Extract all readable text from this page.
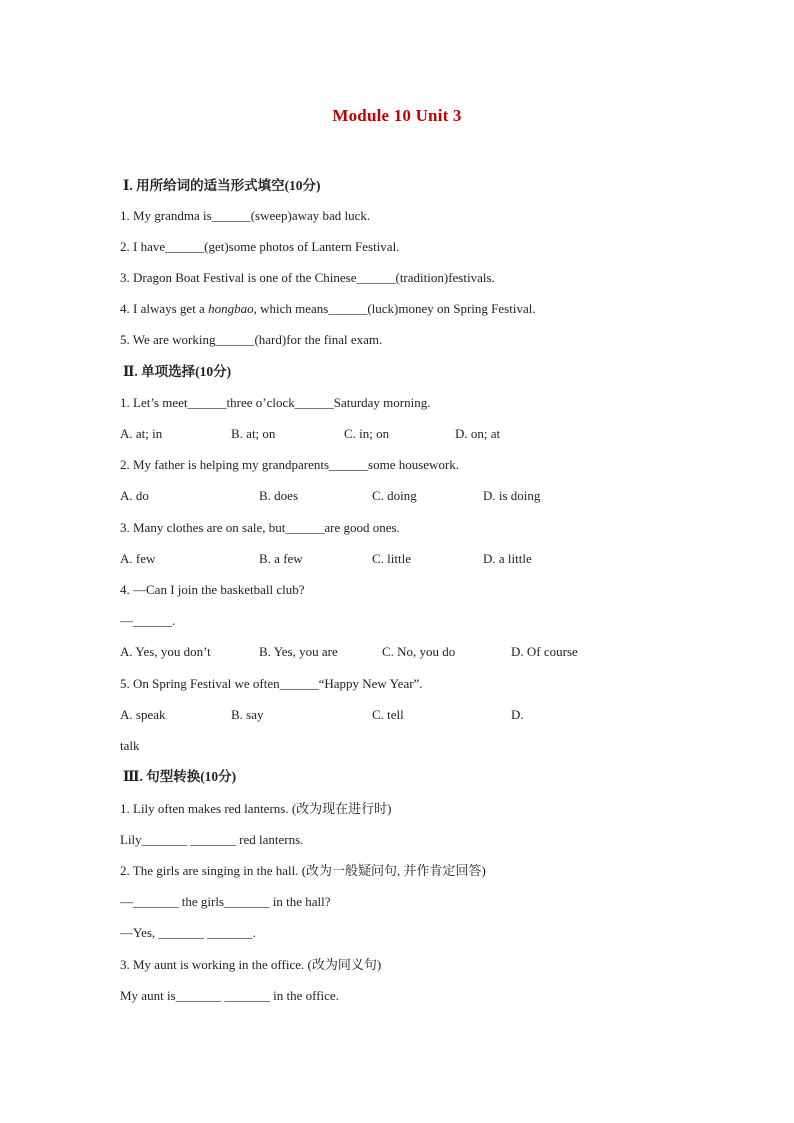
Module 10 Unit 3
Ⅰ. 用所给词的适当形式填空(10分)
1. My grandma is______(sweep)away bad luck.
2. I have______(get)some photos of Lantern Festival.
3. Dragon Boat Festival is one of the Chinese______(tradition)festivals.
4. I always get a hongbao, which means______(luck)money on Spring Festival.
5. We are working______(hard)for the final exam.
Ⅱ. 单项选择(10分)
1. Let’s meet______three o’clock______Saturday morning.
A. at; in	B. at; on	C. in; on	D. on; at
2. My father is helping my grandparents______some housework.
A. do	B. does	C. doing	D. is doing
3. Many clothes are on sale, but______are good ones.
A. few	B. a few	C. little	D. a little
4. —Can I join the basketball club?
—______.
A. Yes, you don’t	B. Yes, you are	C. No, you do	D. Of course
5. On Spring Festival we often______“Happy New Year”.
A. speak	B. say	C. tell	D.
talk
Ⅲ. 句型转换(10分)
1. Lily often makes red lanterns. (改为现在进行时)
Lily_______ _______ red lanterns.
2. The girls are singing in the hall. (改为一般疑问句, 并作肯定回答)
—_______ the girls_______ in the hall?
—Yes, _______ _______.
3. My aunt is working in the office. (改为同义句)
My aunt is_______ _______ in the office.
